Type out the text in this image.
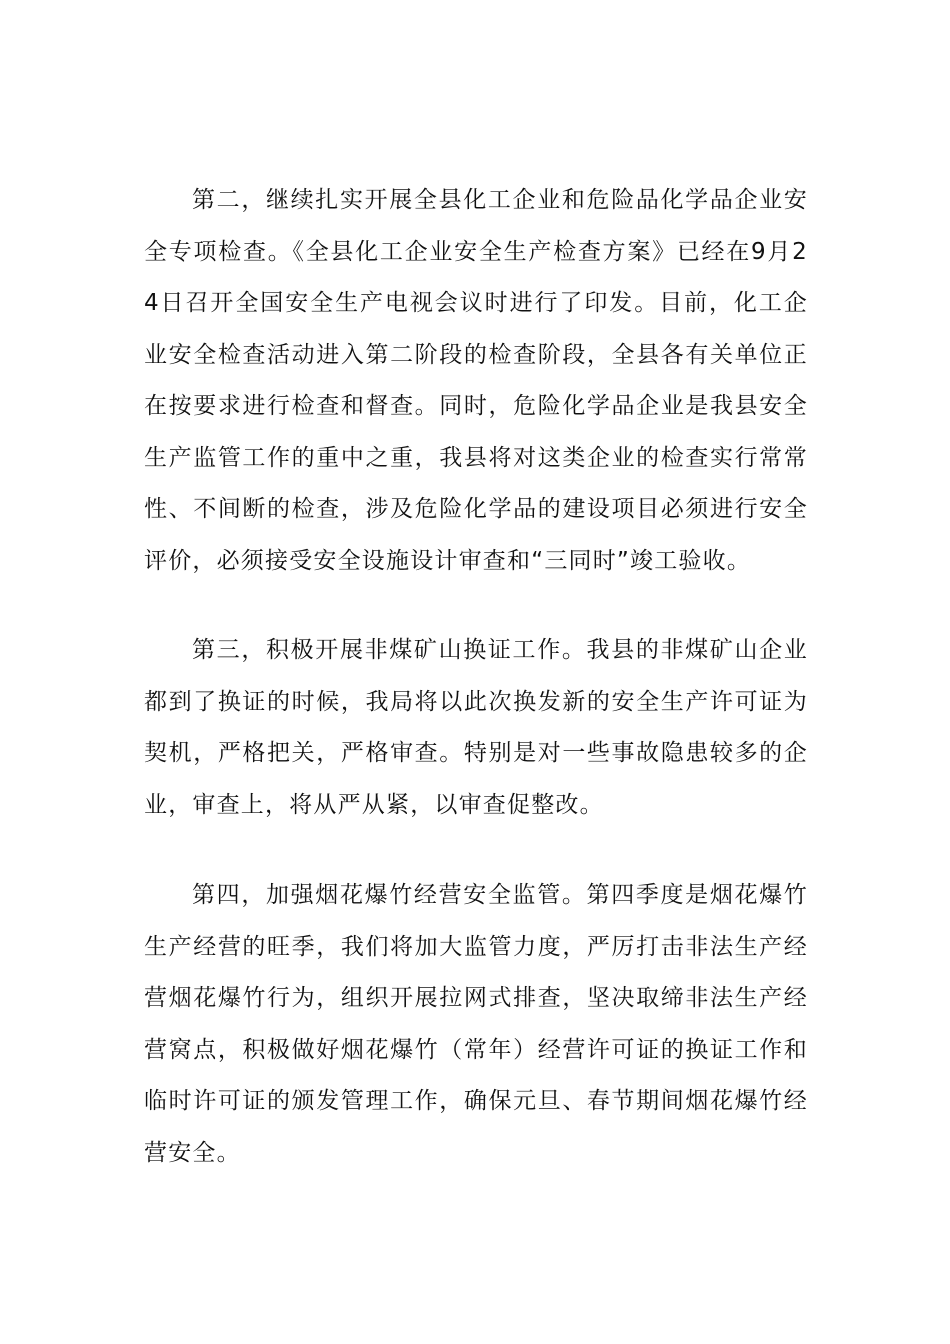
第二，继续扎实开展全县化工企业和危险品化学品企业安全专项检查。《全县化工企业安全生产检查方案》已经在9月24日召开全国安全生产电视会议时进行了印发。目前，化工企业安全检查活动进入第二阶段的检查阶段，全县各有关单位正在按要求进行检查和督查。同时，危险化学品企业是我县安全生产监管工作的重中之重，我县将对这类企业的检查实行常常性、不间断的检查，涉及危险化学品的建设项目必须进行安全评价，必须接受安全设施设计审查和“三同时”竣工验收。

第三，积极开展非煤矿山换证工作。我县的非煤矿山企业都到了换证的时候，我局将以此次换发新的安全生产许可证为契机，严格把关，严格审查。特别是对一些事故隐患较多的企业，审查上，将从严从紧，以审查促整改。

第四，加强烟花爆竹经营安全监管。第四季度是烟花爆竹生产经营的旺季，我们将加大监管力度，严厉打击非法生产经营烟花爆竹行为，组织开展拉网式排查，坚决取缔非法生产经营窝点，积极做好烟花爆竹（常年）经营许可证的换证工作和临时许可证的颁发管理工作，确保元旦、春节期间烟花爆竹经营安全。
